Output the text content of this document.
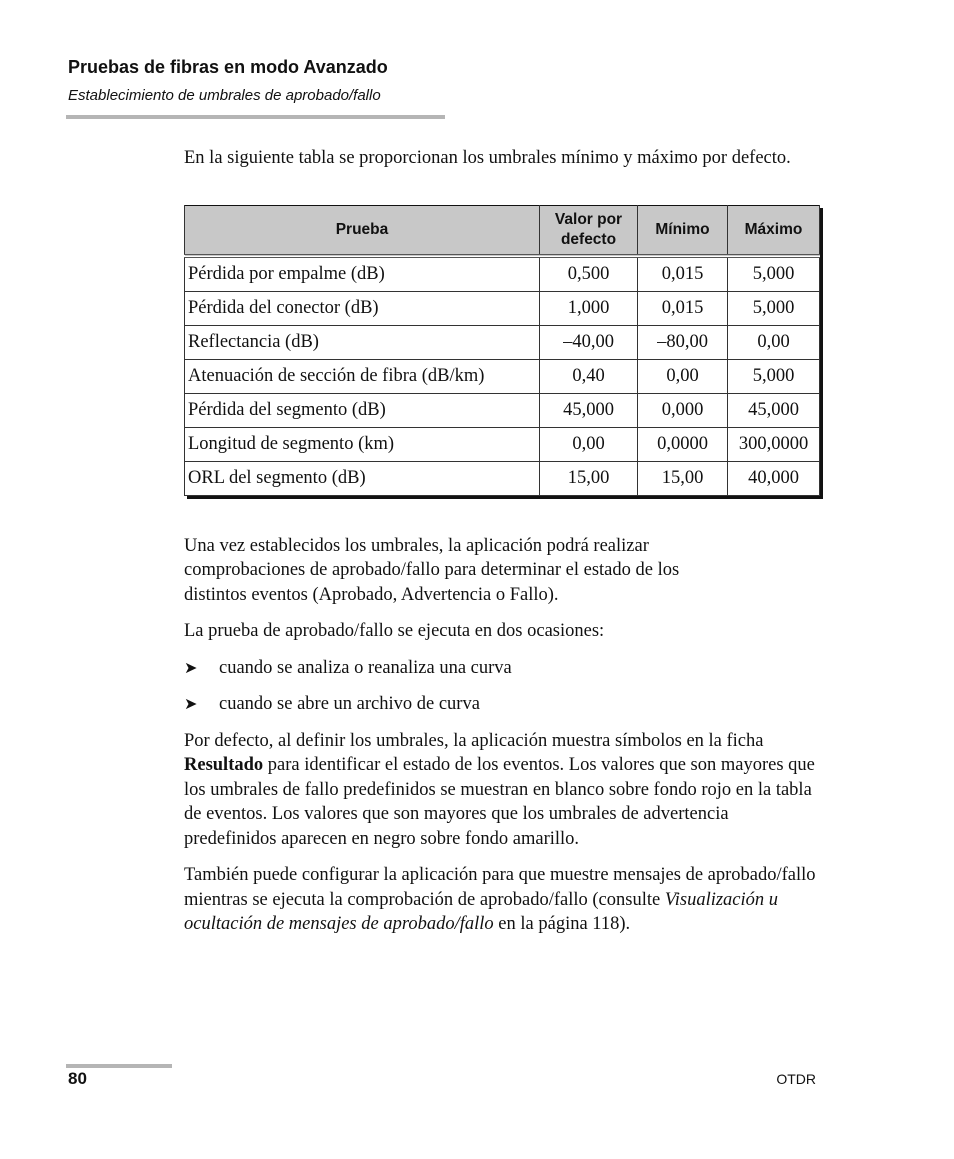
Pruebas de fibras en modo Avanzado
Establecimiento de umbrales de aprobado/fallo

En la siguiente tabla se proporcionan los umbrales mínimo y máximo por defecto.

Prueba	Valor por defecto	Mínimo	Máximo
Pérdida por empalme (dB)	0,500	0,015	5,000
Pérdida del conector (dB)	1,000	0,015	5,000
Reflectancia (dB)	–40,00	–80,00	0,00
Atenuación de sección de fibra (dB/km)	0,40	0,00	5,000
Pérdida del segmento (dB)	45,000	0,000	45,000
Longitud de segmento (km)	0,00	0,0000	300,0000
ORL del segmento (dB)	15,00	15,00	40,000

Una vez establecidos los umbrales, la aplicación podrá realizar comprobaciones de aprobado/fallo para determinar el estado de los distintos eventos (Aprobado, Advertencia o Fallo).

La prueba de aprobado/fallo se ejecuta en dos ocasiones:

➤	cuando se analiza o reanaliza una curva
➤	cuando se abre un archivo de curva

Por defecto, al definir los umbrales, la aplicación muestra símbolos en la ficha Resultado para identificar el estado de los eventos. Los valores que son mayores que los umbrales de fallo predefinidos se muestran en blanco sobre fondo rojo en la tabla de eventos. Los valores que son mayores que los umbrales de advertencia predefinidos aparecen en negro sobre fondo amarillo.

También puede configurar la aplicación para que muestre mensajes de aprobado/fallo mientras se ejecuta la comprobación de aprobado/fallo (consulte Visualización u ocultación de mensajes de aprobado/fallo en la página 118).

80	OTDR
